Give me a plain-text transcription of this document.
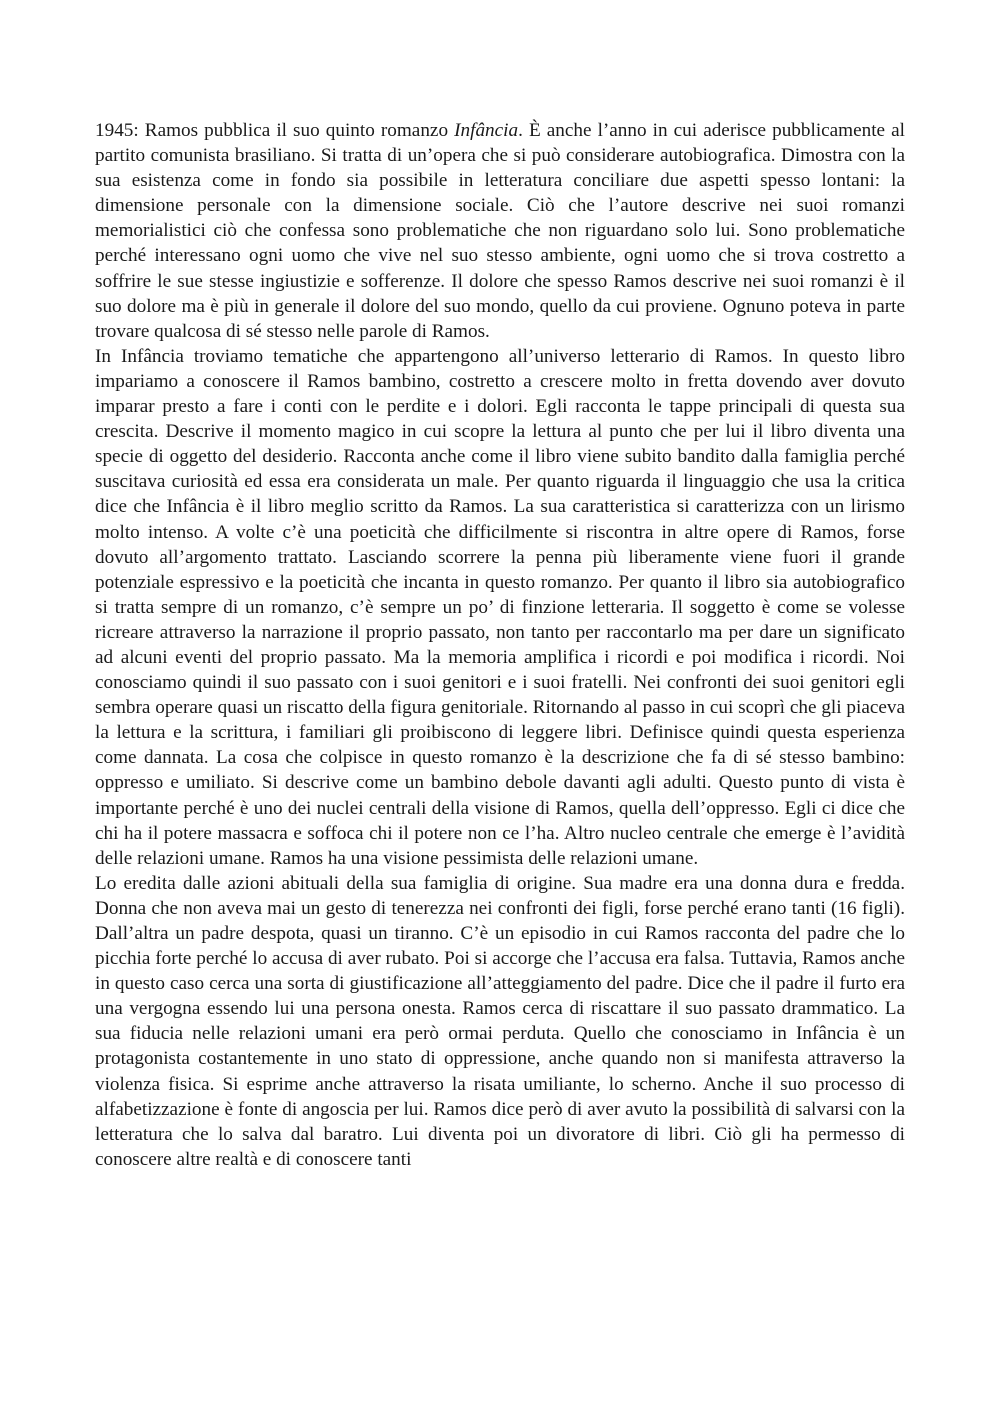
1945: Ramos pubblica il suo quinto romanzo Infância. È anche l’anno in cui aderisce pubblicamente al partito comunista brasiliano. Si tratta di un’opera che si può considerare autobiografica. Dimostra con la sua esistenza come in fondo sia possibile in letteratura conciliare due aspetti spesso lontani: la dimensione personale con la dimensione sociale. Ciò che l’autore descrive nei suoi romanzi memorialistici ciò che confessa sono problematiche che non riguardano solo lui. Sono problematiche perché interessano ogni uomo che vive nel suo stesso ambiente, ogni uomo che si trova costretto a soffrire le sue stesse ingiustizie e sofferenze. Il dolore che spesso Ramos descrive nei suoi romanzi è il suo dolore ma è più in generale il dolore del suo mondo, quello da cui proviene. Ognuno poteva in parte trovare qualcosa di sé stesso nelle parole di Ramos.

In Infância troviamo tematiche che appartengono all’universo letterario di Ramos. In questo libro impariamo a conoscere il Ramos bambino, costretto a crescere molto in fretta dovendo aver dovuto imparar presto a fare i conti con le perdite e i dolori. Egli racconta le tappe principali di questa sua crescita. Descrive il momento magico in cui scopre la lettura al punto che per lui il libro diventa una specie di oggetto del desiderio. Racconta anche come il libro viene subito bandito dalla famiglia perché suscitava curiosità ed essa era considerata un male. Per quanto riguarda il linguaggio che usa la critica dice che Infância è il libro meglio scritto da Ramos. La sua caratteristica si caratterizza con un lirismo molto intenso. A volte c’è una poeticità che difficilmente si riscontra in altre opere di Ramos, forse dovuto all’argomento trattato. Lasciando scorrere la penna più liberamente viene fuori il grande potenziale espressivo e la poeticità che incanta in questo romanzo. Per quanto il libro sia autobiografico si tratta sempre di un romanzo, c’è sempre un po’ di finzione letteraria. Il soggetto è come se volesse ricreare attraverso la narrazione il proprio passato, non tanto per raccontarlo ma per dare un significato ad alcuni eventi del proprio passato. Ma la memoria amplifica i ricordi e poi modifica i ricordi. Noi conosciamo quindi il suo passato con i suoi genitori e i suoi fratelli. Nei confronti dei suoi genitori egli sembra operare quasi un riscatto della figura genitoriale. Ritornando al passo in cui scoprì che gli piaceva la lettura e la scrittura, i familiari gli proibiscono di leggere libri. Definisce quindi questa esperienza come dannata. La cosa che colpisce in questo romanzo è la descrizione che fa di sé stesso bambino: oppresso e umiliato. Si descrive come un bambino debole davanti agli adulti. Questo punto di vista è importante perché è uno dei nuclei centrali della visione di Ramos, quella dell’oppresso. Egli ci dice che chi ha il potere massacra e soffoca chi il potere non ce l’ha. Altro nucleo centrale che emerge è l’avidità delle relazioni umane. Ramos ha una visione pessimista delle relazioni umane.

Lo eredita dalle azioni abituali della sua famiglia di origine. Sua madre era una donna dura e fredda. Donna che non aveva mai un gesto di tenerezza nei confronti dei figli, forse perché erano tanti (16 figli). Dall’altra un padre despota, quasi un tiranno. C’è un episodio in cui Ramos racconta del padre che lo picchia forte perché lo accusa di aver rubato. Poi si accorge che l’accusa era falsa. Tuttavia, Ramos anche in questo caso cerca una sorta di giustificazione all’atteggiamento del padre. Dice che il padre il furto era una vergogna essendo lui una persona onesta. Ramos cerca di riscattare il suo passato drammatico. La sua fiducia nelle relazioni umani era però ormai perduta. Quello che conosciamo in Infância è un protagonista costantemente in uno stato di oppressione, anche quando non si manifesta attraverso la violenza fisica. Si esprime anche attraverso la risata umiliante, lo scherno. Anche il suo processo di alfabetizzazione è fonte di angoscia per lui. Ramos dice però di aver avuto la possibilità di salvarsi con la letteratura che lo salva dal baratro. Lui diventa poi un divoratore di libri. Ciò gli ha permesso di conoscere altre realtà e di conoscere tanti
